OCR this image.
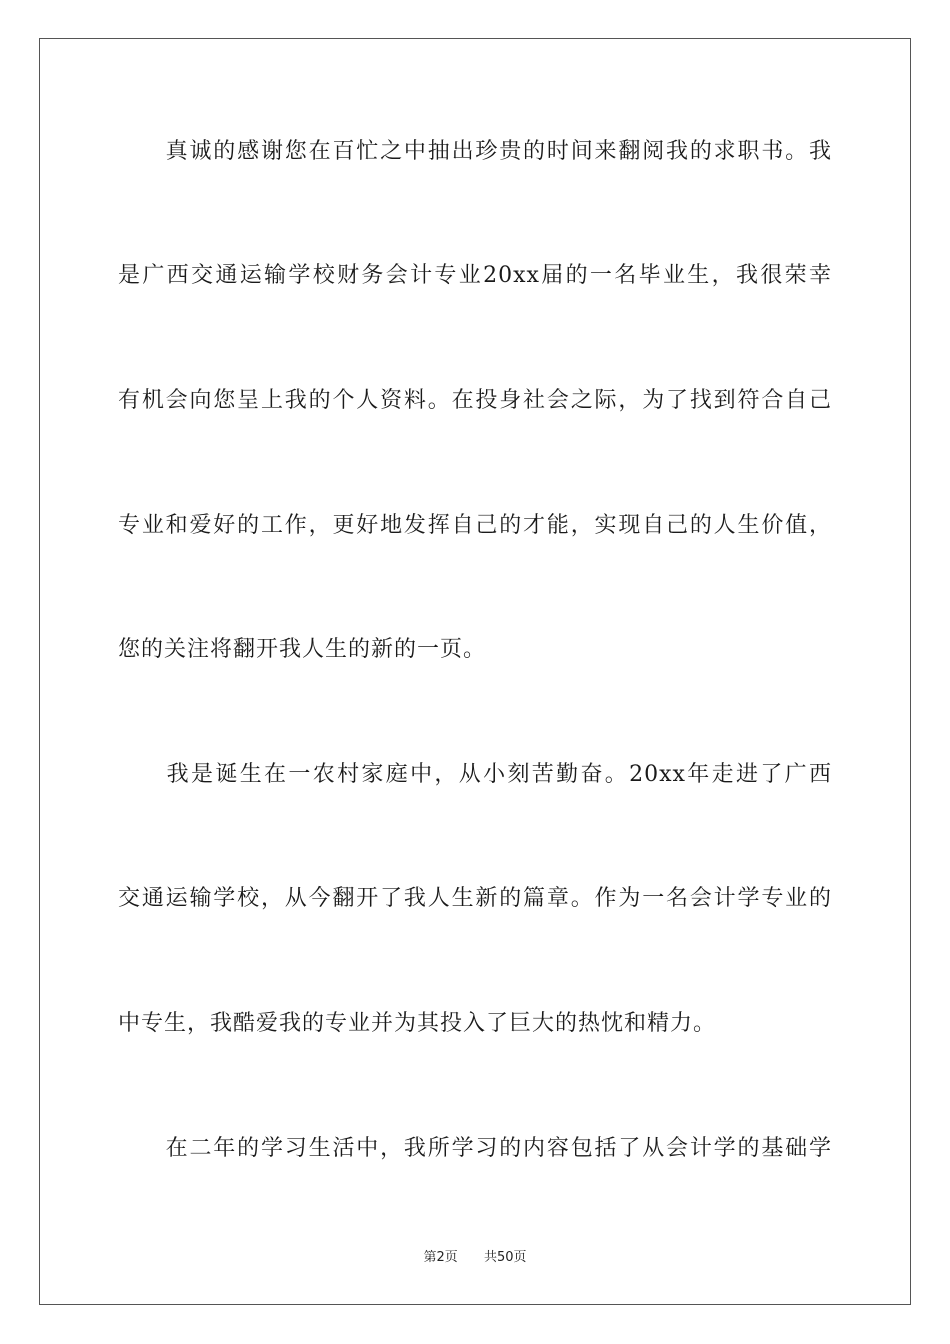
　　真诚的感谢您在百忙之中抽出珍贵的时间来翻阅我的求职书。我
是广西交通运输学校财务会计专业20xx届的一名毕业生，我很荣幸
有机会向您呈上我的个人资料。在投身社会之际，为了找到符合自己
专业和爱好的工作，更好地发挥自己的才能，实现自己的人生价值，
您的关注将翻开我人生的新的一页。
　　我是诞生在一农村家庭中，从小刻苦勤奋。20xx年走进了广西
交通运输学校，从今翻开了我人生新的篇章。作为一名会计学专业的
中专生，我酷爱我的专业并为其投入了巨大的热忱和精力。
　　在二年的学习生活中，我所学习的内容包括了从会计学的基础学
第2页 共50页
